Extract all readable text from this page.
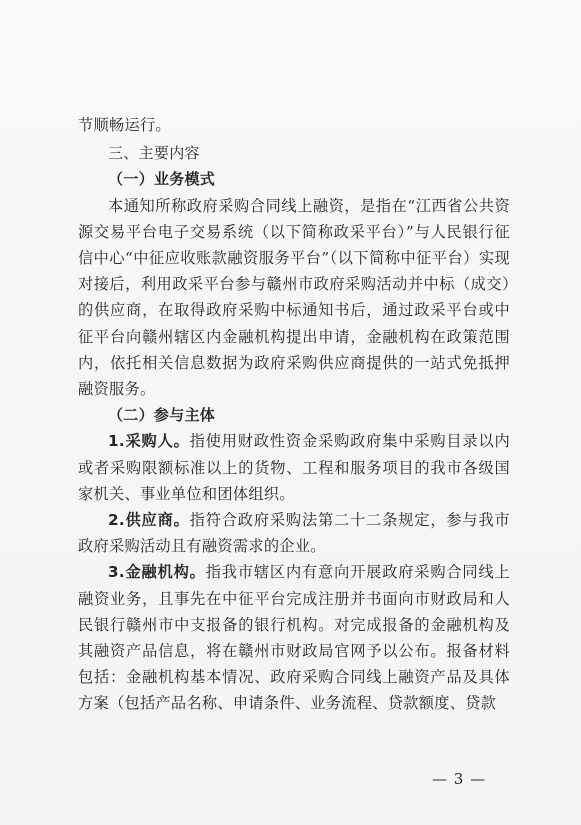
节顺畅运行。

三、主要内容

（一）业务模式

本通知所称政府采购合同线上融资，是指在“江西省公共资源交易平台电子交易系统（以下简称政采平台）”与人民银行征信中心“中征应收账款融资服务平台”（以下简称中征平台）实现对接后，利用政采平台参与赣州市政府采购活动并中标（成交）的供应商，在取得政府采购中标通知书后，通过政采平台或中征平台向赣州辖区内金融机构提出申请，金融机构在政策范围内，依托相关信息数据为政府采购供应商提供的一站式免抵押融资服务。

（二）参与主体

1.采购人。指使用财政性资金采购政府集中采购目录以内或者采购限额标准以上的货物、工程和服务项目的我市各级国家机关、事业单位和团体组织。

2.供应商。指符合政府采购法第二十二条规定，参与我市政府采购活动且有融资需求的企业。

3.金融机构。指我市辖区内有意向开展政府采购合同线上融资业务，且事先在中征平台完成注册并书面向市财政局和人民银行赣州市中支报备的银行机构。对完成报备的金融机构及其融资产品信息，将在赣州市财政局官网予以公布。报备材料包括：金融机构基本情况、政府采购合同线上融资产品及具体方案（包括产品名称、申请条件、业务流程、贷款额度、贷款

— 3 —
